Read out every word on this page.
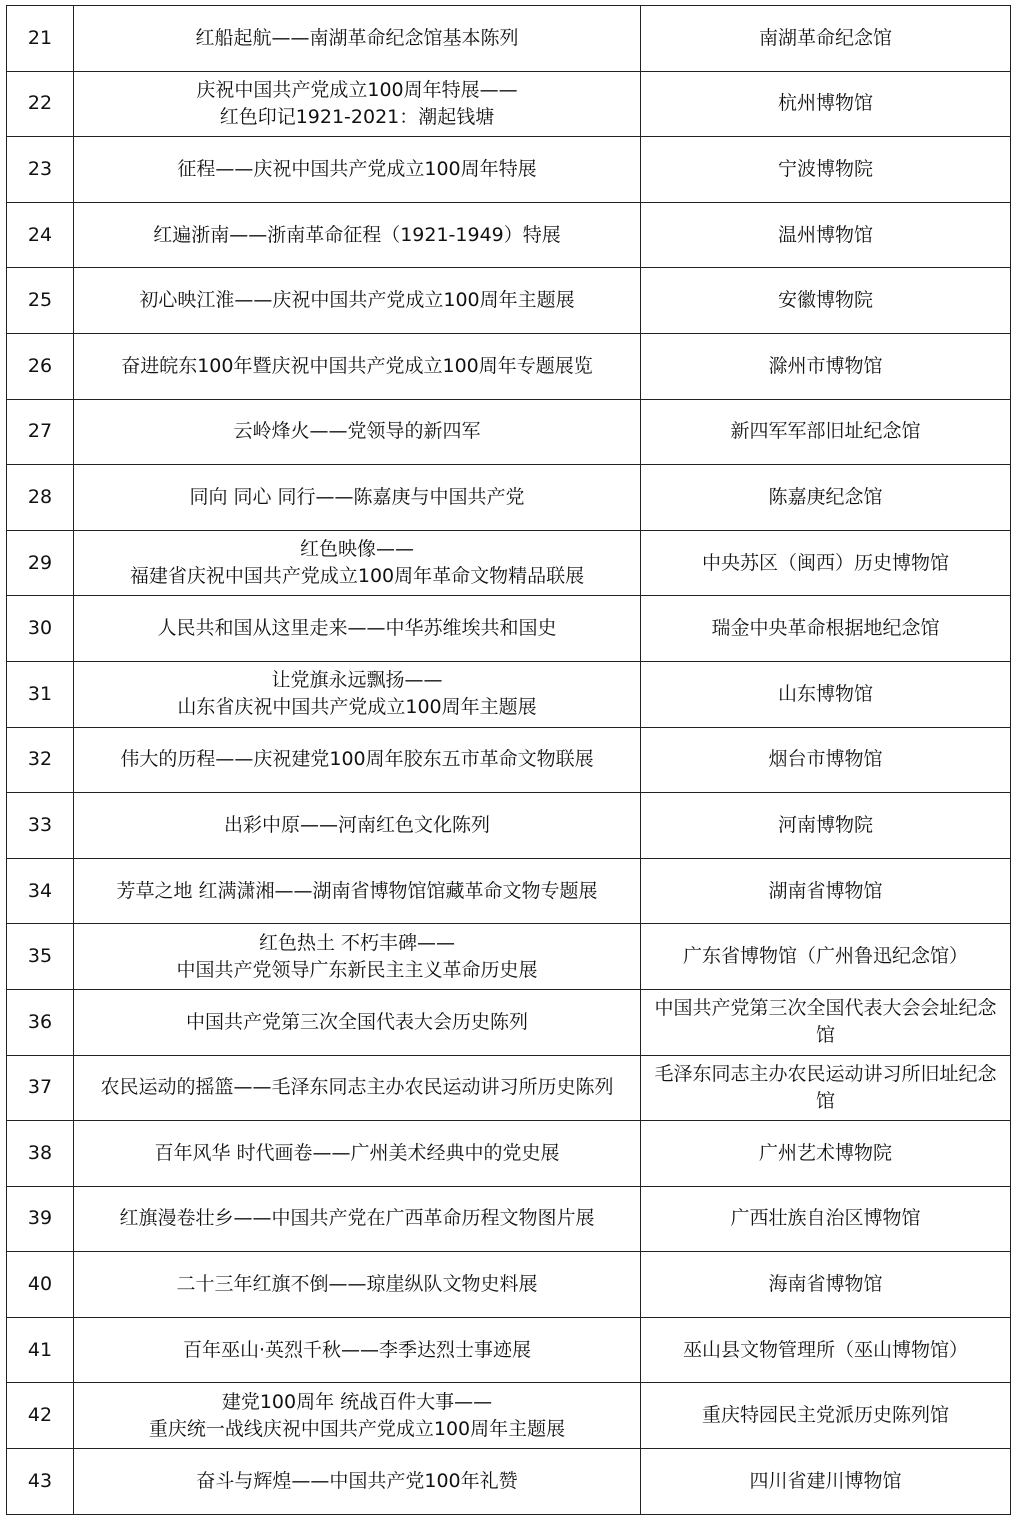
21	红船起航——南湖革命纪念馆基本陈列	南湖革命纪念馆
22	庆祝中国共产党成立100周年特展——
红色印记1921-2021：潮起钱塘	杭州博物馆
23	征程——庆祝中国共产党成立100周年特展	宁波博物院
24	红遍浙南——浙南革命征程（1921-1949）特展	温州博物馆
25	初心映江淮——庆祝中国共产党成立100周年主题展	安徽博物院
26	奋进皖东100年暨庆祝中国共产党成立100周年专题展览	滁州市博物馆
27	云岭烽火——党领导的新四军	新四军军部旧址纪念馆
28	同向 同心 同行——陈嘉庚与中国共产党	陈嘉庚纪念馆
29	红色映像——
福建省庆祝中国共产党成立100周年革命文物精品联展	中央苏区（闽西）历史博物馆
30	人民共和国从这里走来——中华苏维埃共和国史	瑞金中央革命根据地纪念馆
31	让党旗永远飘扬——
山东省庆祝中国共产党成立100周年主题展	山东博物馆
32	伟大的历程——庆祝建党100周年胶东五市革命文物联展	烟台市博物馆
33	出彩中原——河南红色文化陈列	河南博物院
34	芳草之地 红满潇湘——湖南省博物馆馆藏革命文物专题展	湖南省博物馆
35	红色热土 不朽丰碑——
中国共产党领导广东新民主主义革命历史展	广东省博物馆（广州鲁迅纪念馆）
36	中国共产党第三次全国代表大会历史陈列	中国共产党第三次全国代表大会会址纪念
馆
37	农民运动的摇篮——毛泽东同志主办农民运动讲习所历史陈列	毛泽东同志主办农民运动讲习所旧址纪念
馆
38	百年风华 时代画卷——广州美术经典中的党史展	广州艺术博物院
39	红旗漫卷壮乡——中国共产党在广西革命历程文物图片展	广西壮族自治区博物馆
40	二十三年红旗不倒——琼崖纵队文物史料展	海南省博物馆
41	百年巫山·英烈千秋——李季达烈士事迹展	巫山县文物管理所（巫山博物馆）
42	建党100周年 统战百件大事——
重庆统一战线庆祝中国共产党成立100周年主题展	重庆特园民主党派历史陈列馆
43	奋斗与辉煌——中国共产党100年礼赞	四川省建川博物馆
